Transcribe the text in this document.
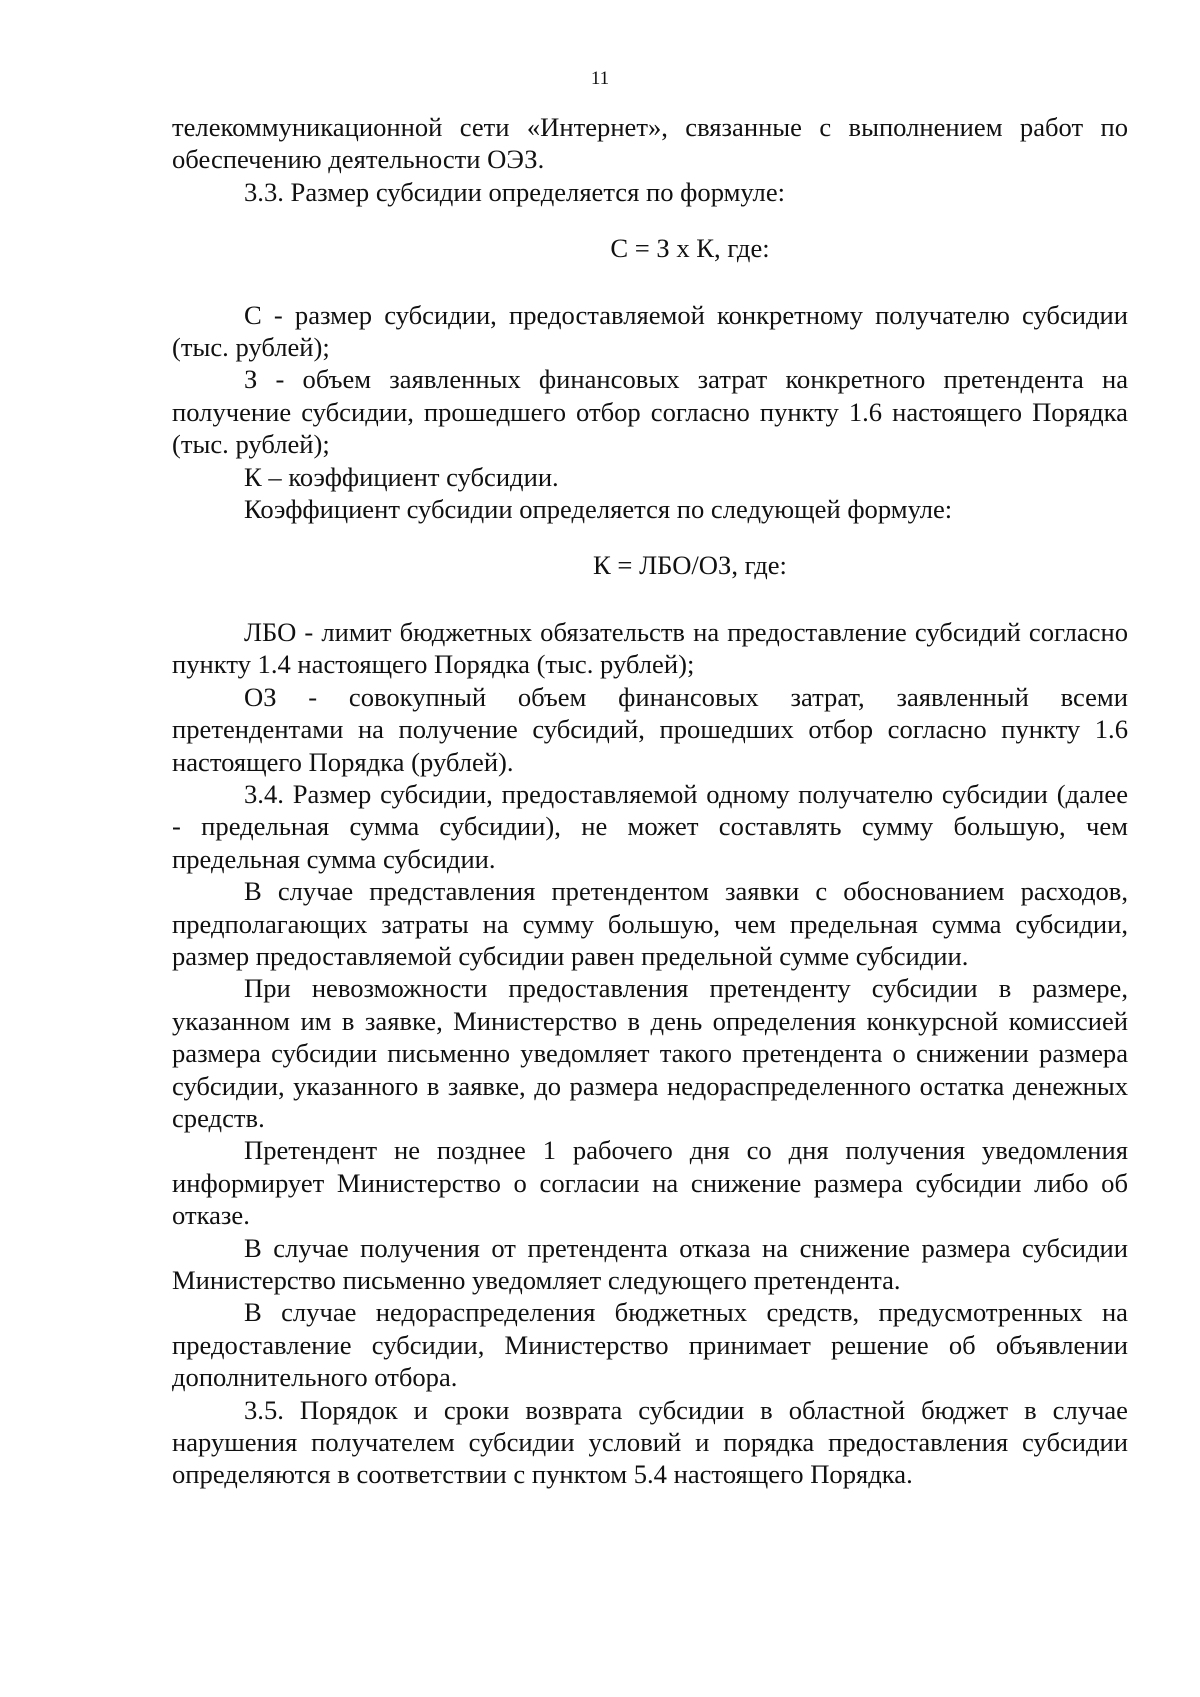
11

телекоммуникационной сети «Интернет», связанные с выполнением работ по обеспечению деятельности ОЭЗ.

3.3. Размер субсидии определяется по формуле:

С = З х К, где:

С - размер субсидии, предоставляемой конкретному получателю субсидии (тыс. рублей);

З - объем заявленных финансовых затрат конкретного претендента на получение субсидии, прошедшего отбор согласно пункту 1.6 настоящего Порядка (тыс. рублей);

К – коэффициент субсидии.

Коэффициент субсидии определяется по следующей формуле:

К = ЛБО/ОЗ, где:

ЛБО - лимит бюджетных обязательств на предоставление субсидий согласно пункту 1.4 настоящего Порядка (тыс. рублей);

ОЗ - совокупный объем финансовых затрат, заявленный всеми претендентами на получение субсидий, прошедших отбор согласно пункту 1.6 настоящего Порядка (рублей).

3.4. Размер субсидии, предоставляемой одному получателю субсидии (далее - предельная сумма субсидии), не может составлять сумму большую, чем предельная сумма субсидии.

В случае представления претендентом заявки с обоснованием расходов, предполагающих затраты на сумму большую, чем предельная сумма субсидии, размер предоставляемой субсидии равен предельной сумме субсидии.

При невозможности предоставления претенденту субсидии в размере, указанном им в заявке, Министерство в день определения конкурсной комиссией размера субсидии письменно уведомляет такого претендента о снижении размера субсидии, указанного в заявке, до размера недораспределенного остатка денежных средств.

Претендент не позднее 1 рабочего дня со дня получения уведомления информирует Министерство о согласии на снижение размера субсидии либо об отказе.

В случае получения от претендента отказа на снижение размера субсидии Министерство письменно уведомляет следующего претендента.

В случае недораспределения бюджетных средств, предусмотренных на предоставление субсидии, Министерство принимает решение об объявлении дополнительного отбора.

3.5. Порядок и сроки возврата субсидии в областной бюджет в случае нарушения получателем субсидии условий и порядка предоставления субсидии определяются в соответствии с пунктом 5.4 настоящего Порядка.
